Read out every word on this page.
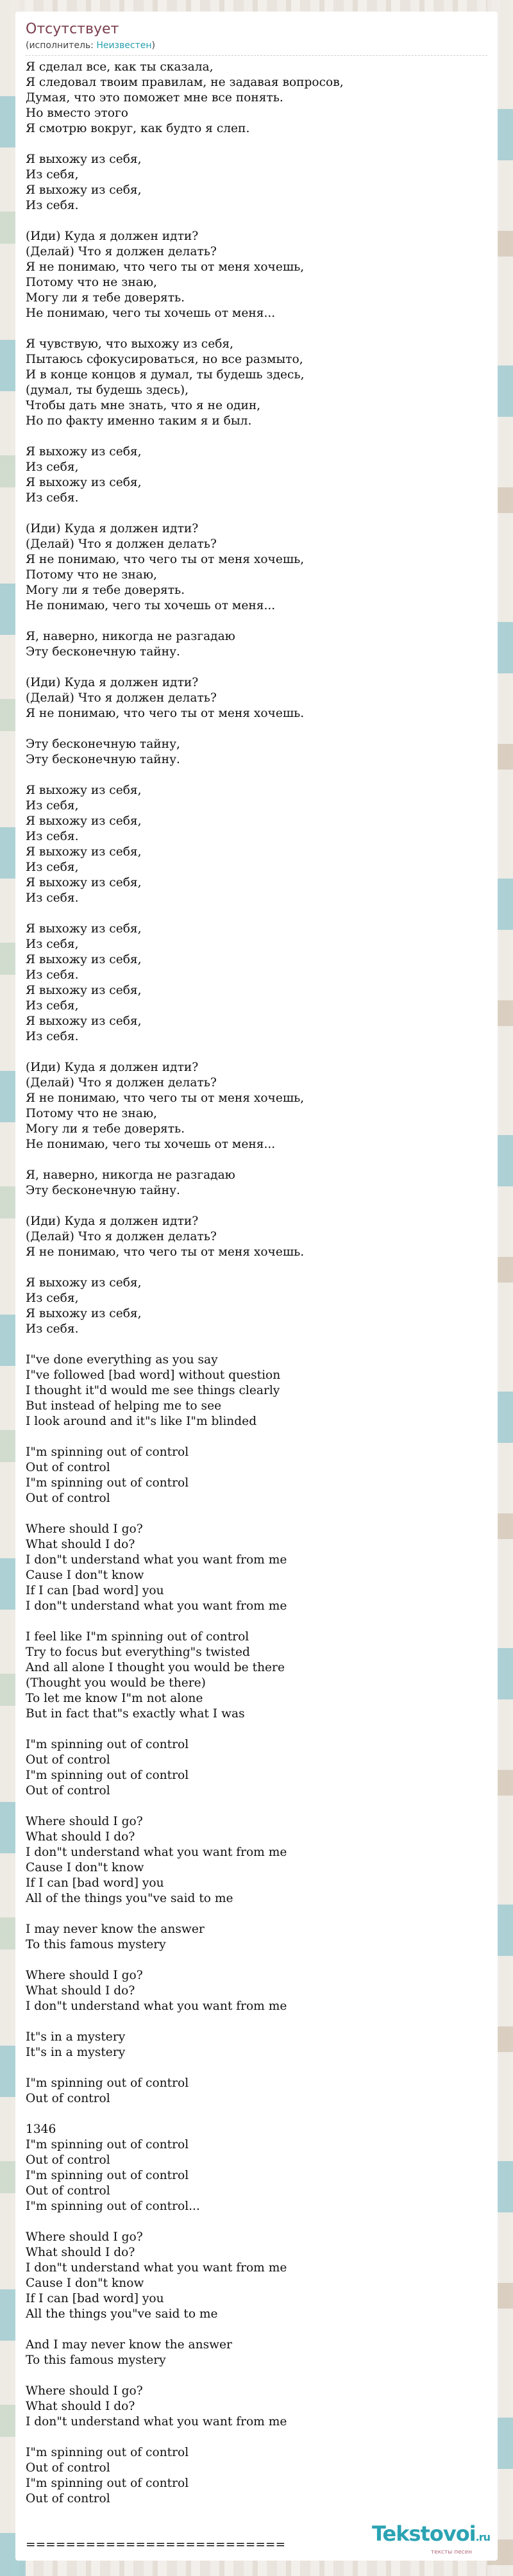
Отсутствует
(исполнитель: Неизвестен)
Я сделал все, как ты сказала,
Я следовал твоим правилам, не задавая вопросов,
Думая, что это поможет мне все понять.
Но вместо этого
Я смотрю вокруг, как будто я слеп.
Я выхожу из себя,
Из себя,
Я выхожу из себя,
Из себя.
(Иди) Куда я должен идти?
(Делай) Что я должен делать?
Я не понимаю, что чего ты от меня хочешь,
Потому что не знаю,
Могу ли я тебе доверять.
Не понимаю, чего ты хочешь от меня...
Я чувствую, что выхожу из себя,
Пытаюсь сфокусироваться, но все размыто,
И в конце концов я думал, ты будешь здесь,
(думал, ты будешь здесь),
Чтобы дать мне знать, что я не один,
Но по факту именно таким я и был.
Я выхожу из себя,
Из себя,
Я выхожу из себя,
Из себя.
(Иди) Куда я должен идти?
(Делай) Что я должен делать?
Я не понимаю, что чего ты от меня хочешь,
Потому что не знаю,
Могу ли я тебе доверять.
Не понимаю, чего ты хочешь от меня...
Я, наверно, никогда не разгадаю
Эту бесконечную тайну.
(Иди) Куда я должен идти?
(Делай) Что я должен делать?
Я не понимаю, что чего ты от меня хочешь.
Эту бесконечную тайну,
Эту бесконечную тайну.
Я выхожу из себя,
Из себя,
Я выхожу из себя,
Из себя.
Я выхожу из себя,
Из себя,
Я выхожу из себя,
Из себя.
Я выхожу из себя,
Из себя,
Я выхожу из себя,
Из себя.
Я выхожу из себя,
Из себя,
Я выхожу из себя,
Из себя.
(Иди) Куда я должен идти?
(Делай) Что я должен делать?
Я не понимаю, что чего ты от меня хочешь,
Потому что не знаю,
Могу ли я тебе доверять.
Не понимаю, чего ты хочешь от меня...
Я, наверно, никогда не разгадаю
Эту бесконечную тайну.
(Иди) Куда я должен идти?
(Делай) Что я должен делать?
Я не понимаю, что чего ты от меня хочешь.
Я выхожу из себя,
Из себя,
Я выхожу из себя,
Из себя.
I"ve done everything as you say
I"ve followed [bad word] without question
I thought it"d would me see things clearly
But instead of helping me to see
I look around and it"s like I"m blinded
I"m spinning out of control
Out of control
I"m spinning out of control
Out of control
Where should I go?
What should I do?
I don"t understand what you want from me
Cause I don"t know
If I can [bad word] you
I don"t understand what you want from me
I feel like I"m spinning out of control
Try to focus but everything"s twisted
And all alone I thought you would be there
(Thought you would be there)
To let me know I"m not alone
But in fact that"s exactly what I was
I"m spinning out of control
Out of control
I"m spinning out of control
Out of control
Where should I go?
What should I do?
I don"t understand what you want from me
Cause I don"t know
If I can [bad word] you
All of the things you"ve said to me
I may never know the answer
To this famous mystery
Where should I go?
What should I do?
I don"t understand what you want from me
It"s in a mystery
It"s in a mystery
I"m spinning out of control
Out of control
1346
I"m spinning out of control
Out of control
I"m spinning out of control
Out of control
I"m spinning out of control...
Where should I go?
What should I do?
I don"t understand what you want from me
Cause I don"t know
If I can [bad word] you
All the things you"ve said to me
And I may never know the answer
To this famous mystery
Where should I go?
What should I do?
I don"t understand what you want from me
I"m spinning out of control
Out of control
I"m spinning out of control
Out of control
==========================	Tekstovoi.ru
тексты песен
